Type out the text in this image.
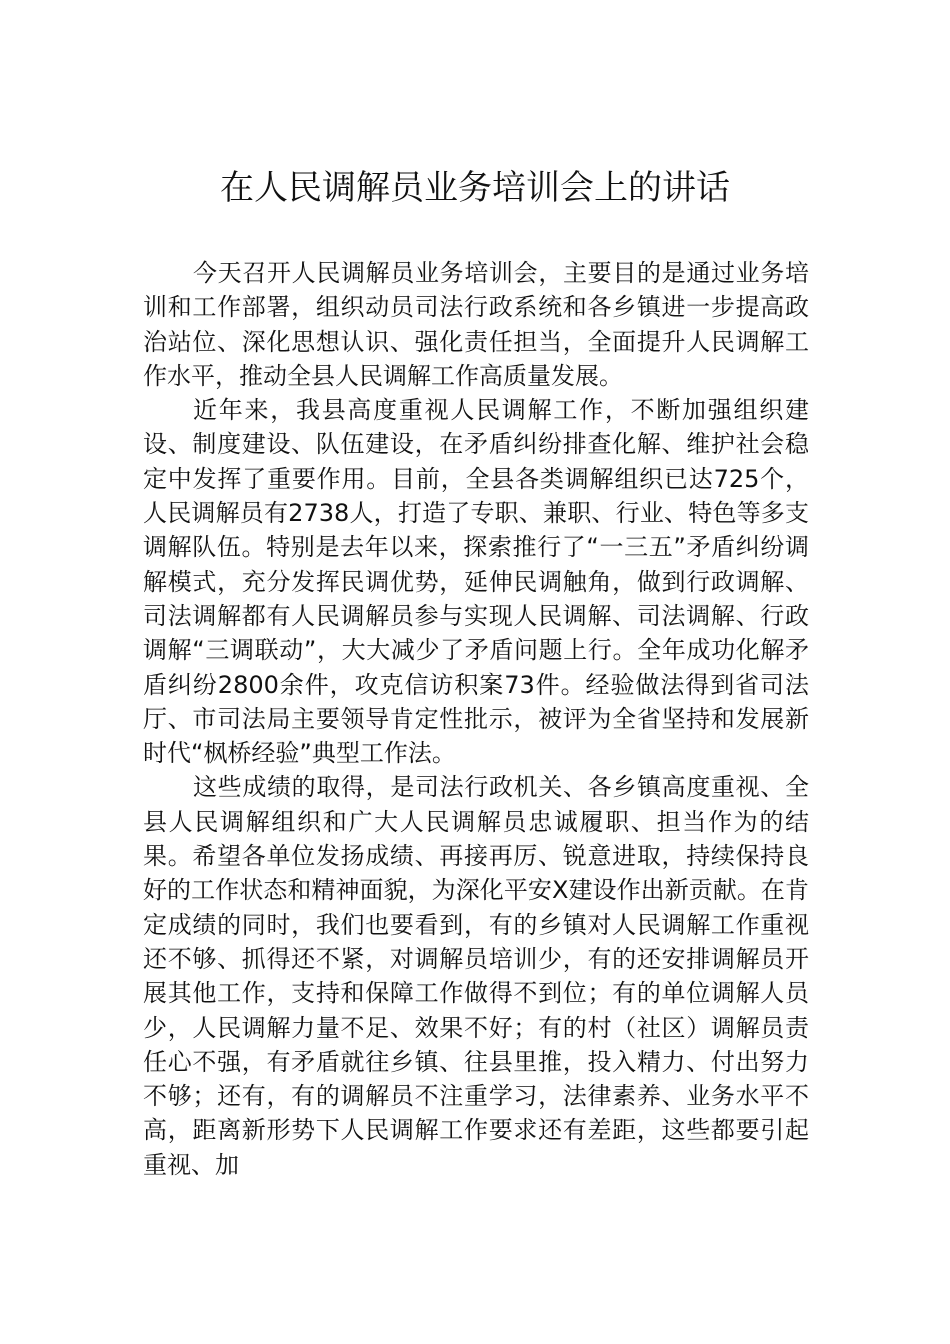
在人民调解员业务培训会上的讲话

今天召开人民调解员业务培训会，主要目的是通过业务培训和工作部署，组织动员司法行政系统和各乡镇进一步提高政治站位、深化思想认识、强化责任担当，全面提升人民调解工作水平，推动全县人民调解工作高质量发展。

近年来，我县高度重视人民调解工作，不断加强组织建设、制度建设、队伍建设，在矛盾纠纷排查化解、维护社会稳定中发挥了重要作用。目前，全县各类调解组织已达725个，人民调解员有2738人，打造了专职、兼职、行业、特色等多支调解队伍。特别是去年以来，探索推行了“一三五”矛盾纠纷调解模式，充分发挥民调优势，延伸民调触角，做到行政调解、司法调解都有人民调解员参与实现人民调解、司法调解、行政调解“三调联动”，大大减少了矛盾问题上行。全年成功化解矛盾纠纷2800余件，攻克信访积案73件。经验做法得到省司法厅、市司法局主要领导肯定性批示，被评为全省坚持和发展新时代“枫桥经验”典型工作法。

这些成绩的取得，是司法行政机关、各乡镇高度重视、全县人民调解组织和广大人民调解员忠诚履职、担当作为的结果。希望各单位发扬成绩、再接再厉、锐意进取，持续保持良好的工作状态和精神面貌，为深化平安X建设作出新贡献。在肯定成绩的同时，我们也要看到，有的乡镇对人民调解工作重视还不够、抓得还不紧，对调解员培训少，有的还安排调解员开展其他工作，支持和保障工作做得不到位；有的单位调解人员少，人民调解力量不足、效果不好；有的村（社区）调解员责任心不强，有矛盾就往乡镇、往县里推，投入精力、付出努力不够；还有，有的调解员不注重学习，法律素养、业务水平不高，距离新形势下人民调解工作要求还有差距，这些都要引起重视、加
